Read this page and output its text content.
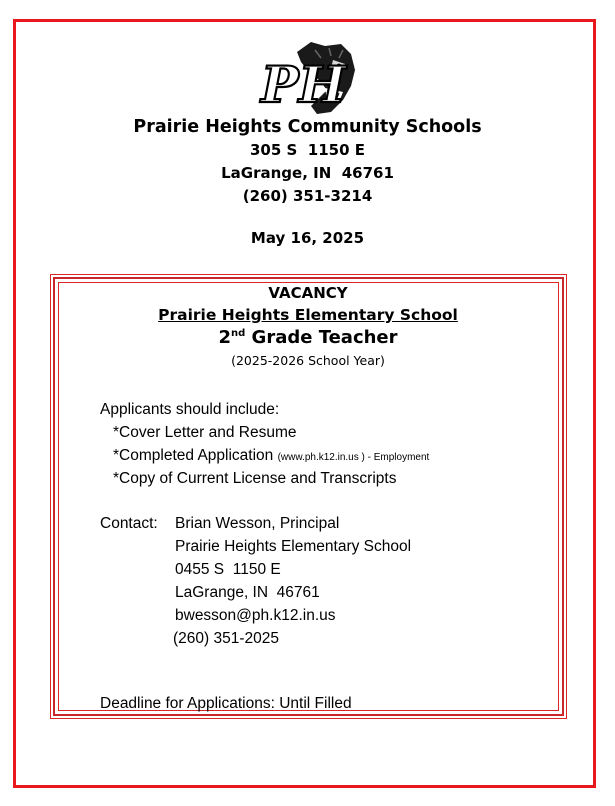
PH
Prairie Heights Community Schools
305 S  1150 E
LaGrange, IN  46761
(260) 351-3214
May 16, 2025
VACANCY
Prairie Heights Elementary School
2nd Grade Teacher
(2025-2026 School Year)
Applicants should include:
*Cover Letter and Resume
*Completed Application (www.ph.k12.in.us ) - Employment
*Copy of Current License and Transcripts
Contact: Brian Wesson, Principal
Prairie Heights Elementary School
0455 S  1150 E
LaGrange, IN  46761
bwesson@ph.k12.in.us
(260) 351-2025
Deadline for Applications: Until Filled
